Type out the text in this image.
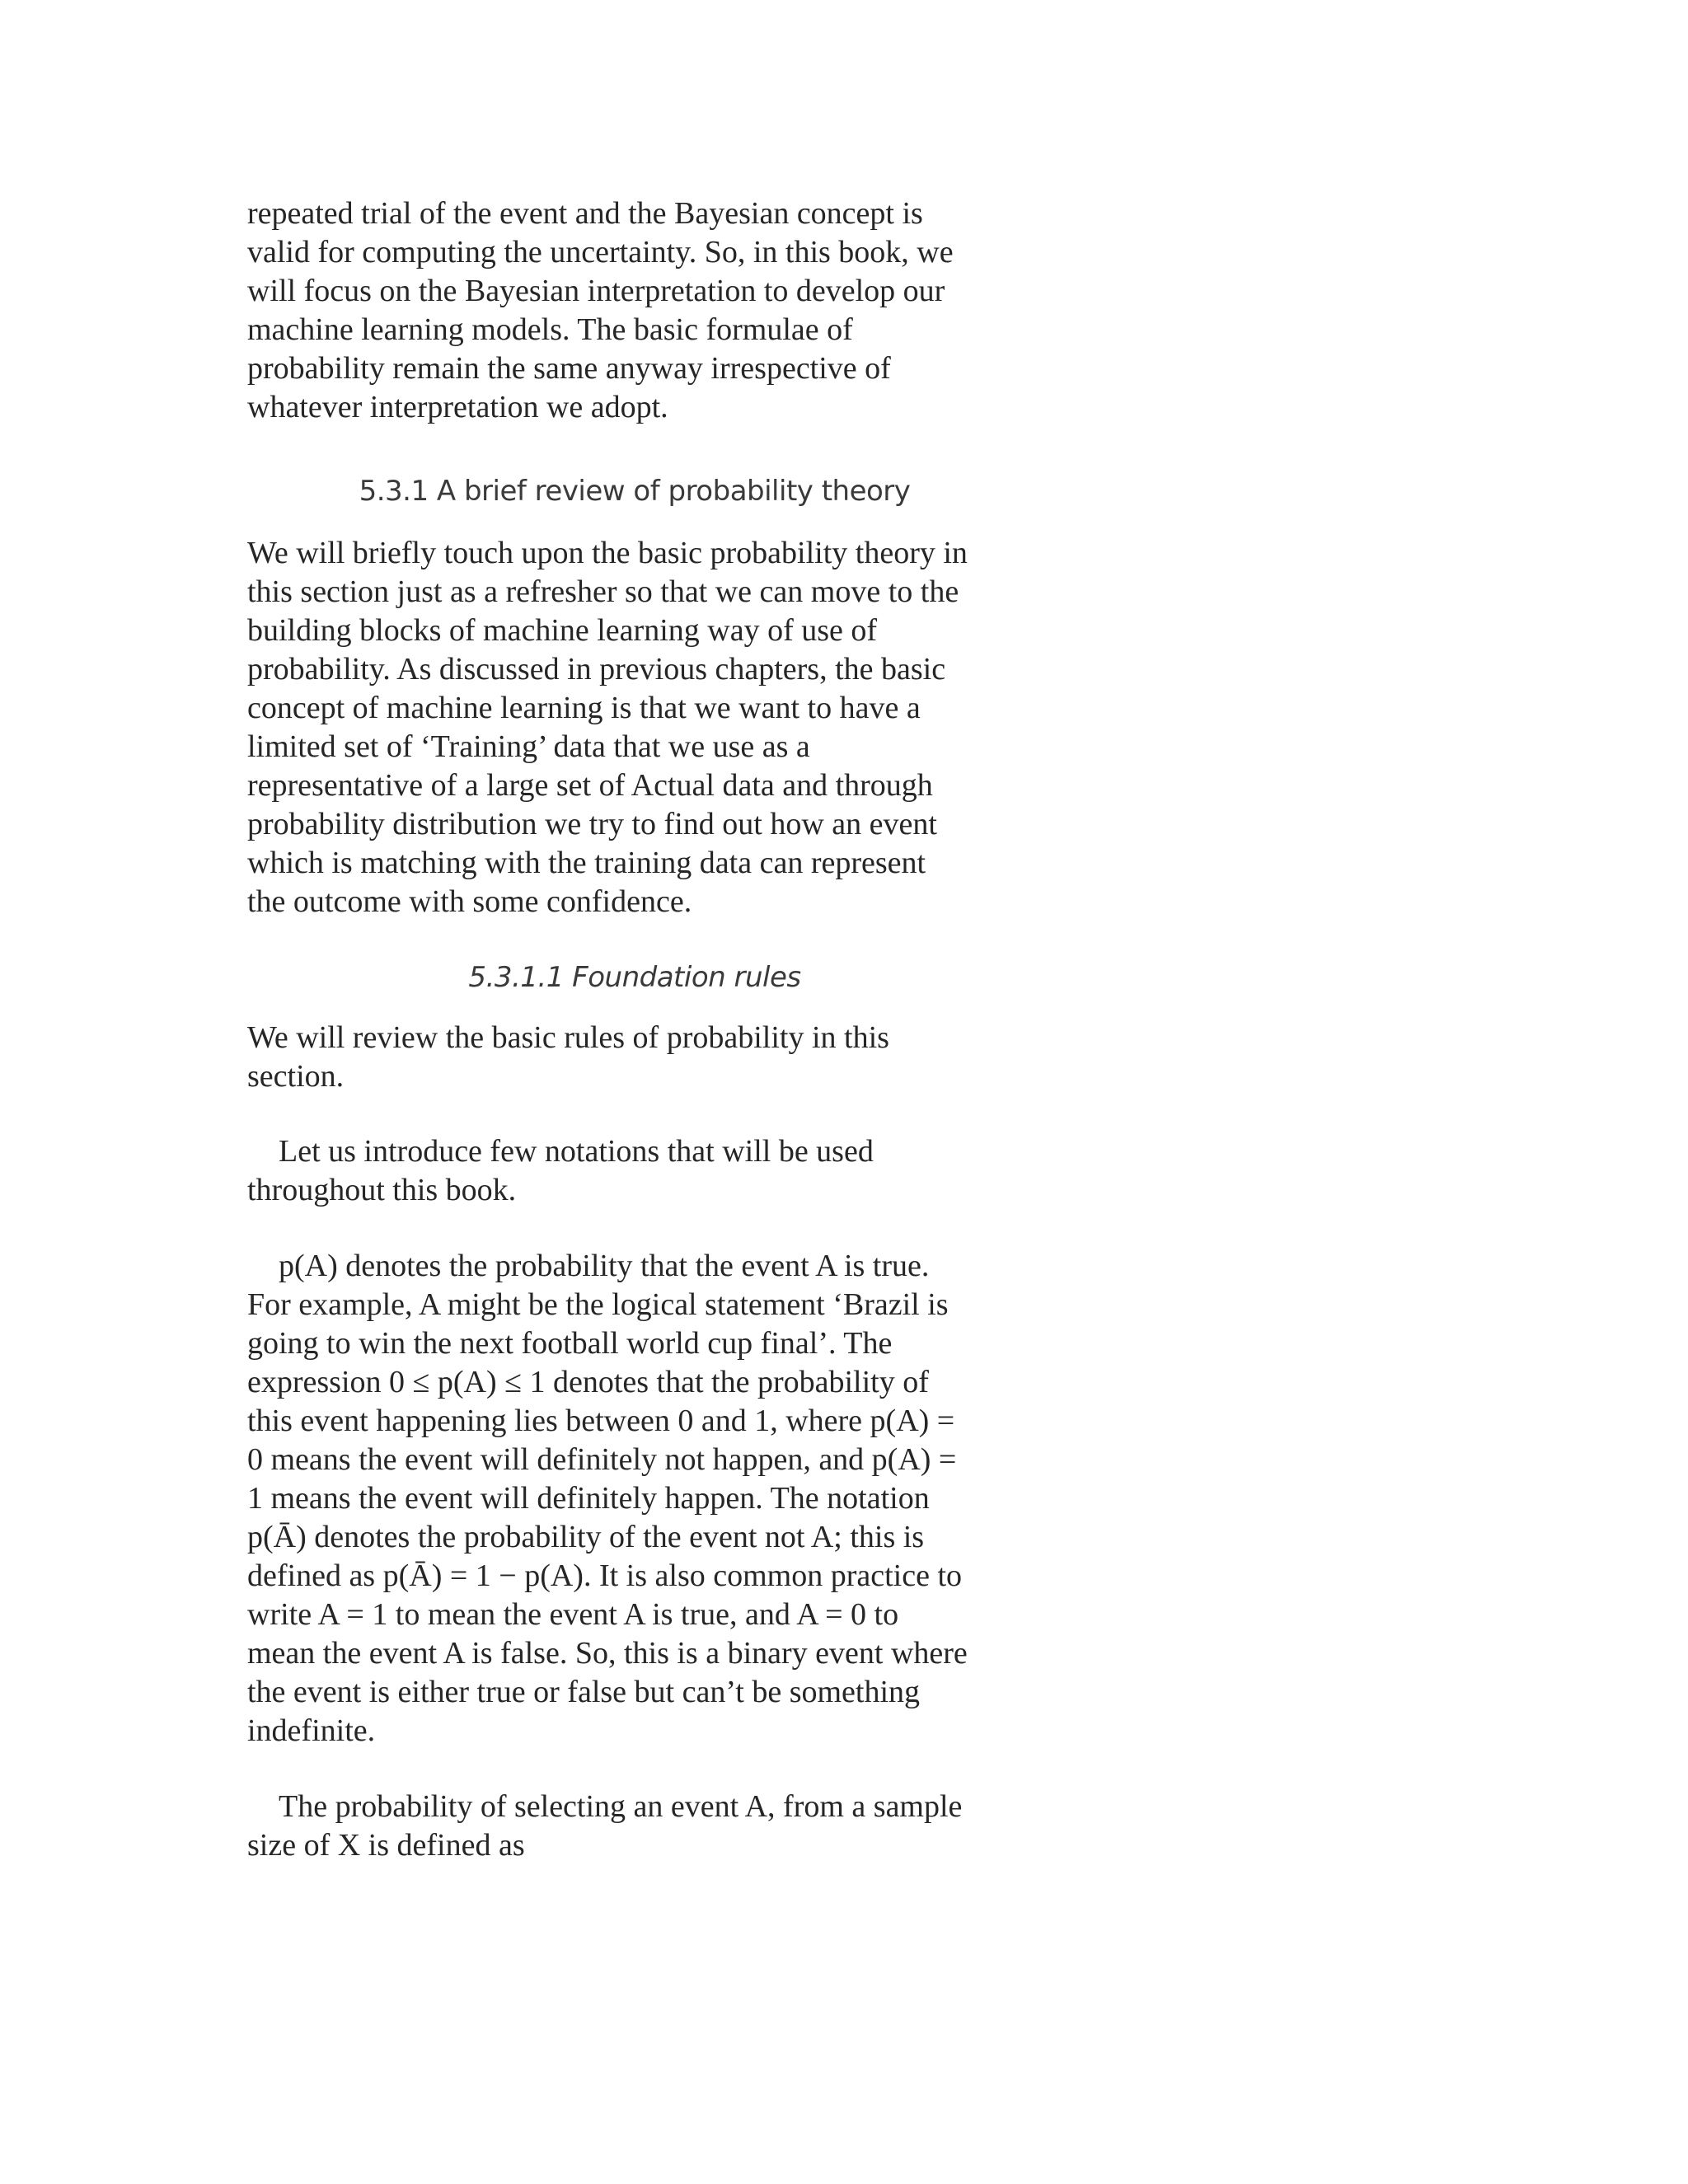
repeated trial of the event and the Bayesian concept is
valid for computing the uncertainty. So, in this book, we
will focus on the Bayesian interpretation to develop our
machine learning models. The basic formulae of
probability remain the same anyway irrespective of
whatever interpretation we adopt.

5.3.1 A brief review of probability theory

We will briefly touch upon the basic probability theory in
this section just as a refresher so that we can move to the
building blocks of machine learning way of use of
probability. As discussed in previous chapters, the basic
concept of machine learning is that we want to have a
limited set of ‘Training’ data that we use as a
representative of a large set of Actual data and through
probability distribution we try to find out how an event
which is matching with the training data can represent
the outcome with some confidence.

5.3.1.1 Foundation rules

We will review the basic rules of probability in this
section.

Let us introduce few notations that will be used
throughout this book.

p(A) denotes the probability that the event A is true.
For example, A might be the logical statement ‘Brazil is
going to win the next football world cup final’. The
expression 0 ≤ p(A) ≤ 1 denotes that the probability of
this event happening lies between 0 and 1, where p(A) =
0 means the event will definitely not happen, and p(A) =
1 means the event will definitely happen. The notation
p(Ā) denotes the probability of the event not A; this is
defined as p(Ā) = 1 − p(A). It is also common practice to
write A = 1 to mean the event A is true, and A = 0 to
mean the event A is false. So, this is a binary event where
the event is either true or false but can’t be something
indefinite.

The probability of selecting an event A, from a sample
size of X is defined as
